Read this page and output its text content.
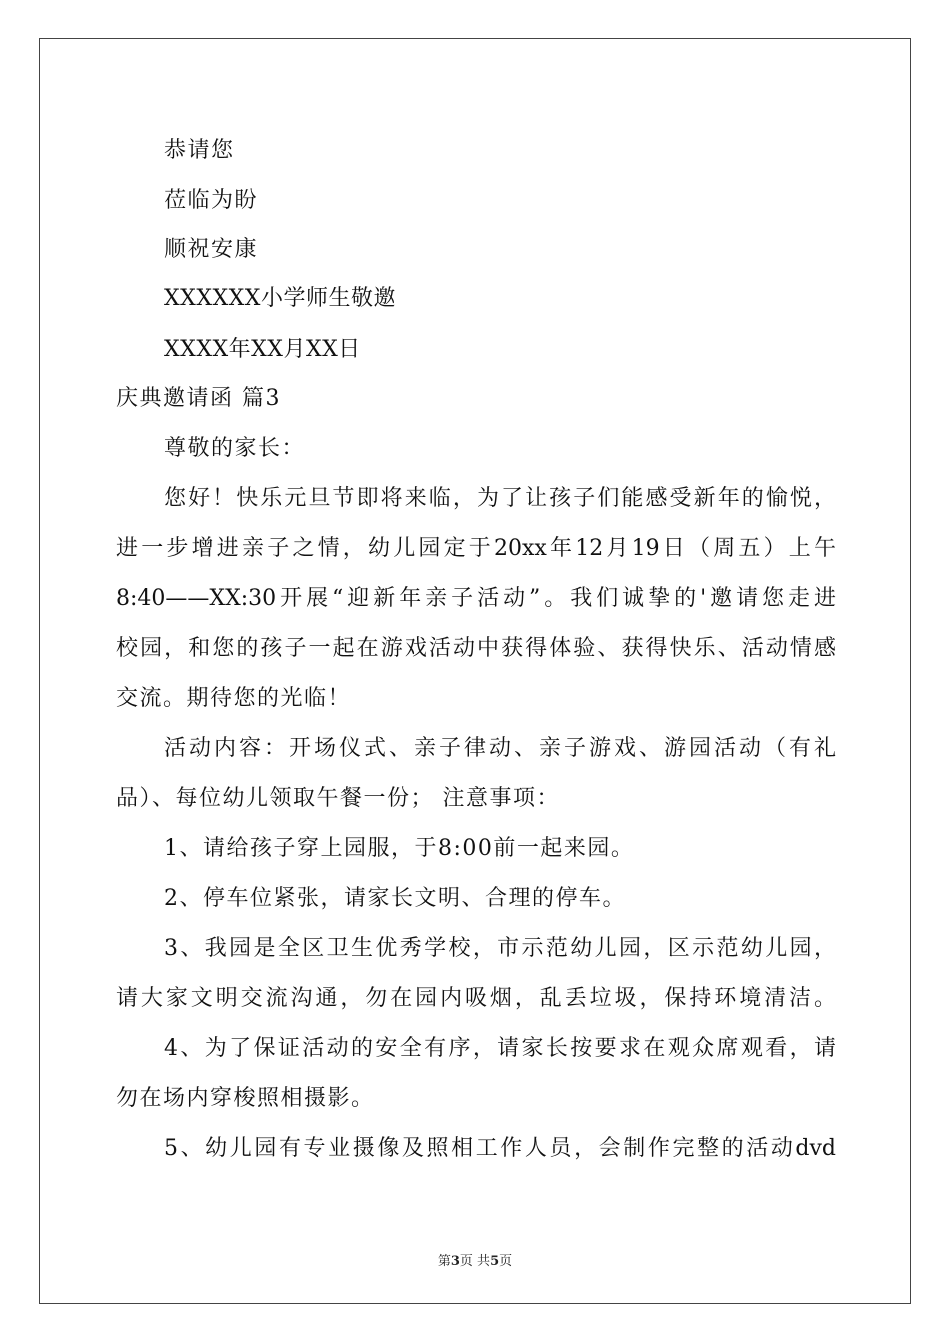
恭请您
莅临为盼
顺祝安康
XXXXXX小学师生敬邀
XXXX年XX月XX日
庆典邀请函 篇3
尊敬的家长：
您好！快乐元旦节即将来临，为了让孩子们能感受新年的愉悦，
进一步增进亲子之情，幼儿园定于20xx年12月19日（周五）上午
8:40——XX:30开展“迎新年亲子活动”。我们诚挚的'邀请您走进
校园，和您的孩子一起在游戏活动中获得体验、获得快乐、活动情感
交流。期待您的光临！
活动内容：开场仪式、亲子律动、亲子游戏、游园活动（有礼
品）、每位幼儿领取午餐一份； 注意事项：
1、请给孩子穿上园服，于8:00前一起来园。
2、停车位紧张，请家长文明、合理的停车。
3、我园是全区卫生优秀学校，市示范幼儿园，区示范幼儿园，
请大家文明交流沟通，勿在园内吸烟，乱丢垃圾，保持环境清洁。
4、为了保证活动的安全有序，请家长按要求在观众席观看，请
勿在场内穿梭照相摄影。
5、幼儿园有专业摄像及照相工作人员，会制作完整的活动dvd
第3页 共5页
